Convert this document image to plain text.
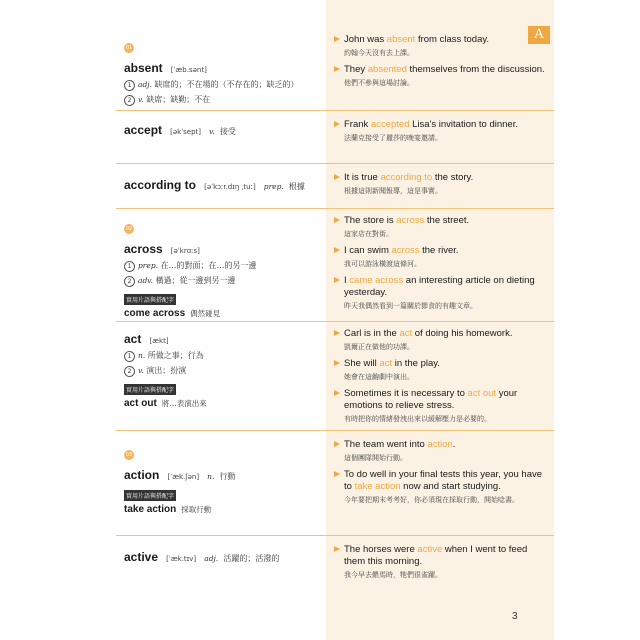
A
01
absent [ˈæb.sənt]
1 adj. 缺席的；不在場的（不存在的；缺乏的）
2 v. 缺席；缺勤；不在
John was absent from class today.
約翰今天沒有去上課。
They absented themselves from the discussion.
他們不參與這場討論。
accept [əkˈsept] v. 接受
Frank accepted Lisa's invitation to dinner.
法蘭克接受了麗莎的晚宴邀請。
according to [əˈkɔːr.dɪŋ ˌtuː] prep. 根據
It is true according to the story.
根據這則新聞報導，這是事實。
02
across [əˈkrɑːs]
1 prep. 在…的對面；在…的另一邊
2 adv. 橫過；從一邊到另一邊
實用片語與搭配字
come across 偶然碰見
The store is across the street.
這家店在對街。
I can swim across the river.
我可以游泳橫渡這條河。
I came across an interesting article on dieting yesterday.
昨天我偶然看到一篇關於節食的有趣文章。
act [ækt]
1 n. 所做之事；行為
2 v. 演出；扮演
實用片語與搭配字
act out 將…表演出來
Carl is in the act of doing his homework.
凱爾正在做他的功課。
She will act in the play.
她會在這齣劇中演出。
Sometimes it is necessary to act out your emotions to relieve stress.
有時把你的情緒發洩出來以緩解壓力是必要的。
03
action [ˈæk.ʃən] n. 行動
實用片語與搭配字
take action 採取行動
The team went into action.
這個團隊開始行動。
To do well in your final tests this year, you have to take action now and start studying.
今年要把期末考考好，你必須現在採取行動，開始唸書。
active [ˈæk.tɪv] adj. 活躍的；活潑的
The horses were active when I went to feed them this morning.
我今早去餵馬時，牠們很雀躍。
3
